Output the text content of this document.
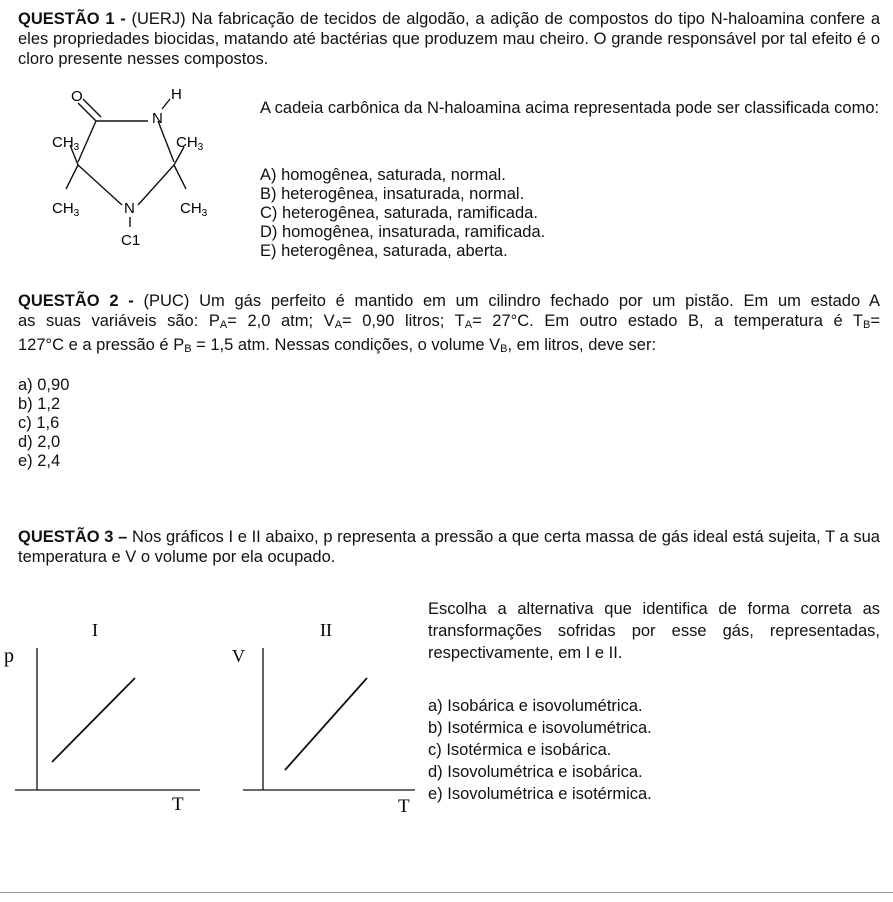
QUESTÃO 1 - (UERJ) Na fabricação de tecidos de algodão, a adição de compostos do tipo N-haloamina confere a eles propriedades biocidas, matando até bactérias que produzem mau cheiro. O grande responsável por tal efeito é o cloro presente nesses compostos.
O
N
H
$CH_3$	$CH_3$
$CH_3$	$CH_3$
N
C1
A cadeia carbônica da N-haloamina acima representada pode ser classificada como:
A) homogênea, saturada, normal.
B) heterogênea, insaturada, normal.
C) heterogênea, saturada, ramificada.
D) homogênea, insaturada, ramificada.
E) heterogênea, saturada, aberta.
QUESTÃO 2 - (PUC) Um gás perfeito é mantido em um cilindro fechado por um pistão. Em um estado A
as suas variáveis são: $P_A= 2,0$ atm; $V_A= 0,90$ litros; $T_A= 27^\circ C$. Em outro estado B, a temperatura é $T_B=$
127°C e a pressão é $P_B = 1,5$ atm. Nessas condições, o volume $V_B$, em litros, deve ser:
a) 0,90
b) 1,2
c) 1,6
d) 2,0
e) 2,4
QUESTÃO 3 – Nos gráficos I e II abaixo, p representa a pressão a que certa massa de gás ideal está sujeita, T a sua temperatura e V o volume por ela ocupado.
I
p
T
II
V
T
Escolha a alternativa que identifica de forma correta as transformações sofridas por esse gás, representadas, respectivamente, em I e II.
a) Isobárica e isovolumétrica.
b) Isotérmica e isovolumétrica.
c) Isotérmica e isobárica.
d) Isovolumétrica e isobárica.
e) Isovolumétrica e isotérmica.
